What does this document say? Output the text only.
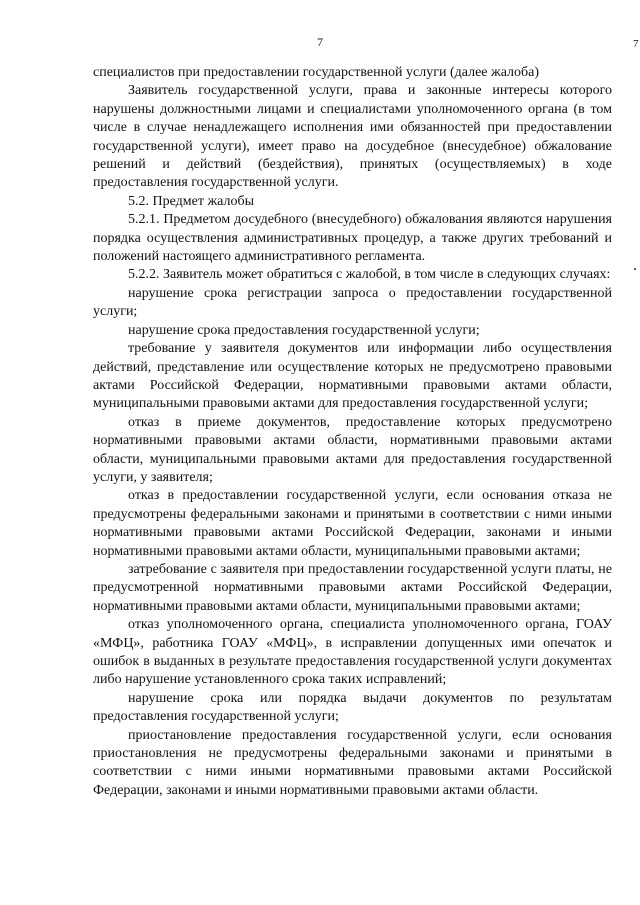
7	7

специалистов при предоставлении государственной услуги (далее жалоба)

Заявитель государственной услуги, права и законные интересы которого нарушены должностными лицами и специалистами уполномоченного органа (в том числе в случае ненадлежащего исполнения ими обязанностей при предоставлении государственной услуги), имеет право на досудебное (внесудебное) обжалование решений и действий (бездействия), принятых (осуществляемых) в ходе предоставления государственной услуги.

5.2. Предмет жалобы

5.2.1. Предметом досудебного (внесудебного) обжалования являются нарушения порядка осуществления административных процедур, а также других требований и положений настоящего административного регламента.

5.2.2. Заявитель может обратиться с жалобой, в том числе в следующих случаях:

нарушение срока регистрации запроса о предоставлении государственной услуги;

нарушение срока предоставления государственной услуги;

требование у заявителя документов или информации либо осуществления действий, представление или осуществление которых не предусмотрено правовыми актами Российской Федерации, нормативными правовыми актами области, муниципальными правовыми актами для предоставления государственной услуги;

отказ в приеме документов, предоставление которых предусмотрено нормативными правовыми актами области, нормативными правовыми актами области, муниципальными правовыми актами для предоставления государственной услуги, у заявителя;

отказ в предоставлении государственной услуги, если основания отказа не предусмотрены федеральными законами и принятыми в соответствии с ними иными нормативными правовыми актами Российской Федерации, законами и иными нормативными правовыми актами области, муниципальными правовыми актами;

затребование с заявителя при предоставлении государственной услуги платы, не предусмотренной нормативными правовыми актами Российской Федерации, нормативными правовыми актами области, муниципальными правовыми актами;

отказ уполномоченного органа, специалиста уполномоченного органа, ГОАУ «МФЦ», работника ГОАУ «МФЦ», в исправлении допущенных ими опечаток и ошибок в выданных в результате предоставления государственной услуги документах либо нарушение установленного срока таких исправлений;

нарушение срока или порядка выдачи документов по результатам предоставления государственной услуги;

приостановление предоставления государственной услуги, если основания приостановления не предусмотрены федеральными законами и принятыми в соответствии с ними иными нормативными правовыми актами Российской Федерации, законами и иными нормативными правовыми актами области.
